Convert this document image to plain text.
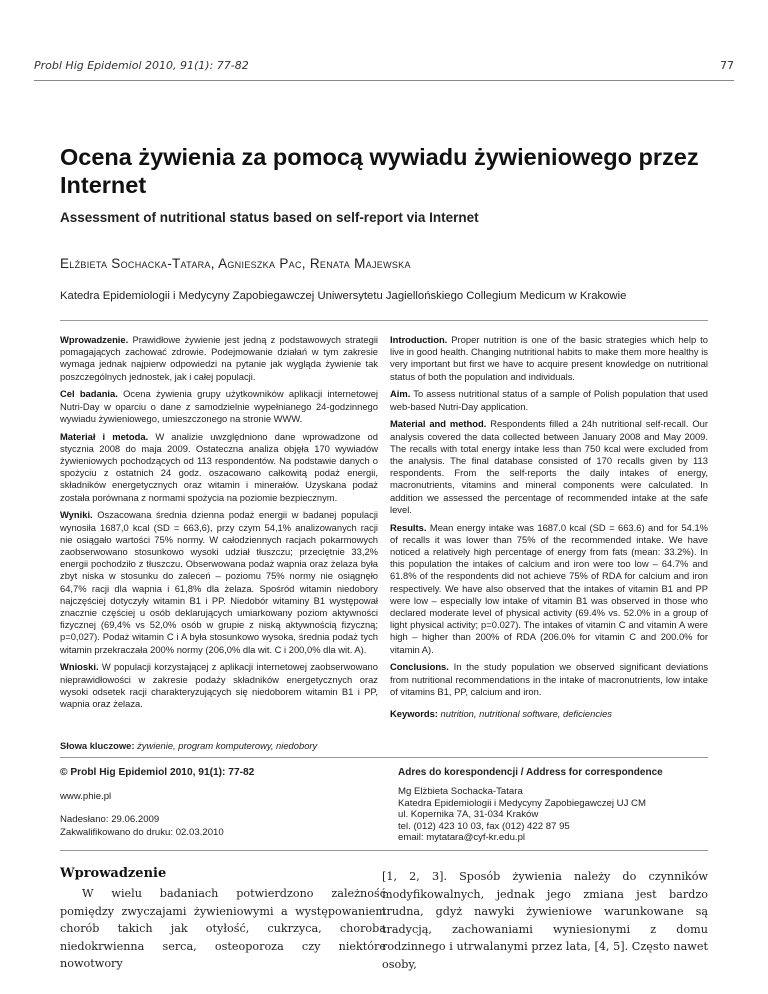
Probl Hig Epidemiol 2010, 91(1): 77-82	77
Ocena żywienia za pomocą wywiadu żywieniowego przez Internet
Assessment of nutritional status based on self-report via Internet
Elżbieta Sochacka-Tatara, Agnieszka Pac, Renata Majewska
Katedra Epidemiologii i Medycyny Zapobiegawczej Uniwersytetu Jagiellońskiego Collegium Medicum w Krakowie

Wprowadzenie. Prawidłowe żywienie jest jedną z podstawowych strategii pomagających zachować zdrowie. Podejmowanie działań w tym zakresie wymaga jednak najpierw odpowiedzi na pytanie jak wygląda żywienie tak poszczególnych jednostek, jak i całej populacji.

Cel badania. Ocena żywienia grupy użytkowników aplikacji internetowej Nutri-Day w oparciu o dane z samodzielnie wypełnianego 24-godzinnego wywiadu żywieniowego, umieszczonego na stronie WWW.

Materiał i metoda. W analizie uwzględniono dane wprowadzone od stycznia 2008 do maja 2009. Ostateczna analiza objęła 170 wywiadów żywieniowych pochodzących od 113 respondentów. Na podstawie danych o spożyciu z ostatnich 24 godz. oszacowano całkowitą podaż energii, składników energetycznych oraz witamin i minerałów. Uzyskana podaż została porównana z normami spożycia na poziomie bezpiecznym.

Wyniki. Oszacowana średnia dzienna podaż energii w badanej populacji wynosiła 1687,0 kcal (SD = 663,6), przy czym 54,1% analizowanych racji nie osiągało wartości 75% normy. W całodziennych racjach pokarmowych zaobserwowano stosunkowo wysoki udział tłuszczu; przeciętnie 33,2% energii pochodziło z tłuszczu. Obserwowana podaż wapnia oraz żelaza była zbyt niska w stosunku do zaleceń – poziomu 75% normy nie osiągnęło 64,7% racji dla wapnia i 61,8% dla żelaza. Spośród witamin niedobory najczęściej dotyczyły witamin B1 i PP. Niedobór witaminy B1 występował znacznie częściej u osób deklarujących umiarkowany poziom aktywności fizycznej (69,4% vs 52,0% osób w grupie z niską aktywnością fizyczną; p=0,027). Podaż witamin C i A była stosunkowo wysoka, średnia podaż tych witamin przekraczała 200% normy (206,0% dla wit. C i 200,0% dla wit. A).

Wnioski. W populacji korzystającej z aplikacji internetowej zaobserwowano nieprawidłowości w zakresie podaży składników energetycznych oraz wysoki odsetek racji charakteryzujących się niedoborem witamin B1 i PP, wapnia oraz żelaza.

Introduction. Proper nutrition is one of the basic strategies which help to live in good health. Changing nutritional habits to make them more healthy is very important but first we have to acquire present knowledge on nutritional status of both the population and individuals.

Aim. To assess nutritional status of a sample of Polish population that used web-based Nutri-Day application.

Material and method. Respondents filled a 24h nutritional self-recall. Our analysis covered the data collected between January 2008 and May 2009. The recalls with total energy intake less than 750 kcal were excluded from the analysis. The final database consisted of 170 recalls given by 113 respondents. From the self-reports the daily intakes of energy, macronutrients, vitamins and mineral components were calculated. In addition we assessed the percentage of recommended intake at the safe level.

Results. Mean energy intake was 1687.0 kcal (SD = 663.6) and for 54.1% of recalls it was lower than 75% of the recommended intake. We have noticed a relatively high percentage of energy from fats (mean: 33.2%). In this population the intakes of calcium and iron were too low – 64.7% and 61.8% of the respondents did not achieve 75% of RDA for calcium and iron respectively. We have also observed that the intakes of vitamin B1 and PP were low – especially low intake of vitamin B1 was observed in those who declared moderate level of physical activity (69.4% vs. 52.0% in a group of light physical activity; p=0.027). The intakes of vitamin C and vitamin A were high – higher than 200% of RDA (206.0% for vitamin C and 200.0% for vitamin A).

Conclusions. In the study population we observed significant deviations from nutritional recommendations in the intake of macronutrients, low intake of vitamins B1, PP, calcium and iron.

Keywords: nutrition, nutritional software, deficiencies

Słowa kluczowe: żywienie, program komputerowy, niedobory
© Probl Hig Epidemiol 2010, 91(1): 77-82
www.phie.pl
Nadesłano: 29.06.2009
Zakwalifikowano do druku: 02.03.2010
Adres do korespondencji / Address for correspondence
Mg Elżbieta Sochacka-Tatara
Katedra Epidemiologii i Medycyny Zapobiegawczej UJ CM
ul. Kopernika 7A, 31-034 Kraków
tel. (012) 423 10 03, fax (012) 422 87 95
email: mytatara@cyf-kr.edu.pl
Wprowadzenie
W wielu badaniach potwierdzono zależność pomiędzy zwyczajami żywieniowymi a występowaniem chorób takich jak otyłość, cukrzyca, choroba niedokrwienna serca, osteoporoza czy niektóre nowotwory
[1, 2, 3]. Sposób żywienia należy do czynników modyfikowalnych, jednak jego zmiana jest bardzo trudna, gdyż nawyki żywieniowe warunkowane są tradycją, zachowaniami wyniesionymi z domu rodzinnego i utrwalanymi przez lata, [4, 5]. Często nawet osoby,
